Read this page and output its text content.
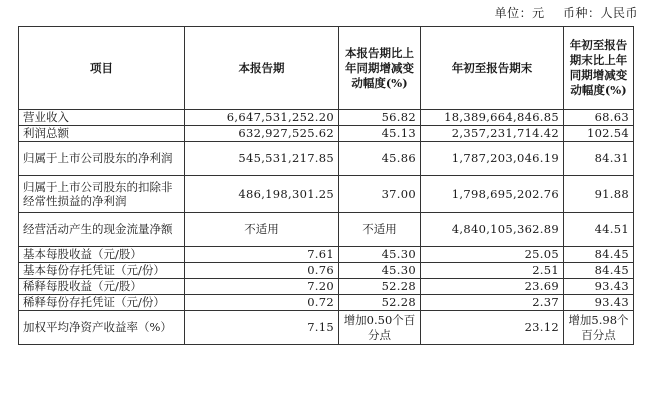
单位：元 币种：人民币
项目	本报告期	本报告期比上年同期增减变动幅度(%)	年初至报告期末	年初至报告期末比上年同期增减变动幅度(%)

营业收入	6,647,531,252.20	56.82	18,389,664,846.85	68.63
利润总额	632,927,525.62	45.13	2,357,231,714.42	102.54
归属于上市公司股东的净利润	545,531,217.85	45.86	1,787,203,046.19	84.31
归属于上市公司股东的扣除非经常性损益的净利润	486,198,301.25	37.00	1,798,695,202.76	91.88
经营活动产生的现金流量净额	不适用	不适用	4,840,105,362.89	44.51
基本每股收益（元/股）	7.61	45.30	25.05	84.45
基本每份存托凭证（元/份）	0.76	45.30	2.51	84.45
稀释每股收益（元/股）	7.20	52.28	23.69	93.43
稀释每份存托凭证（元/份）	0.72	52.28	2.37	93.43
加权平均净资产收益率（%）	7.15	增加0.50个百分点	23.12	增加5.98个百分点
